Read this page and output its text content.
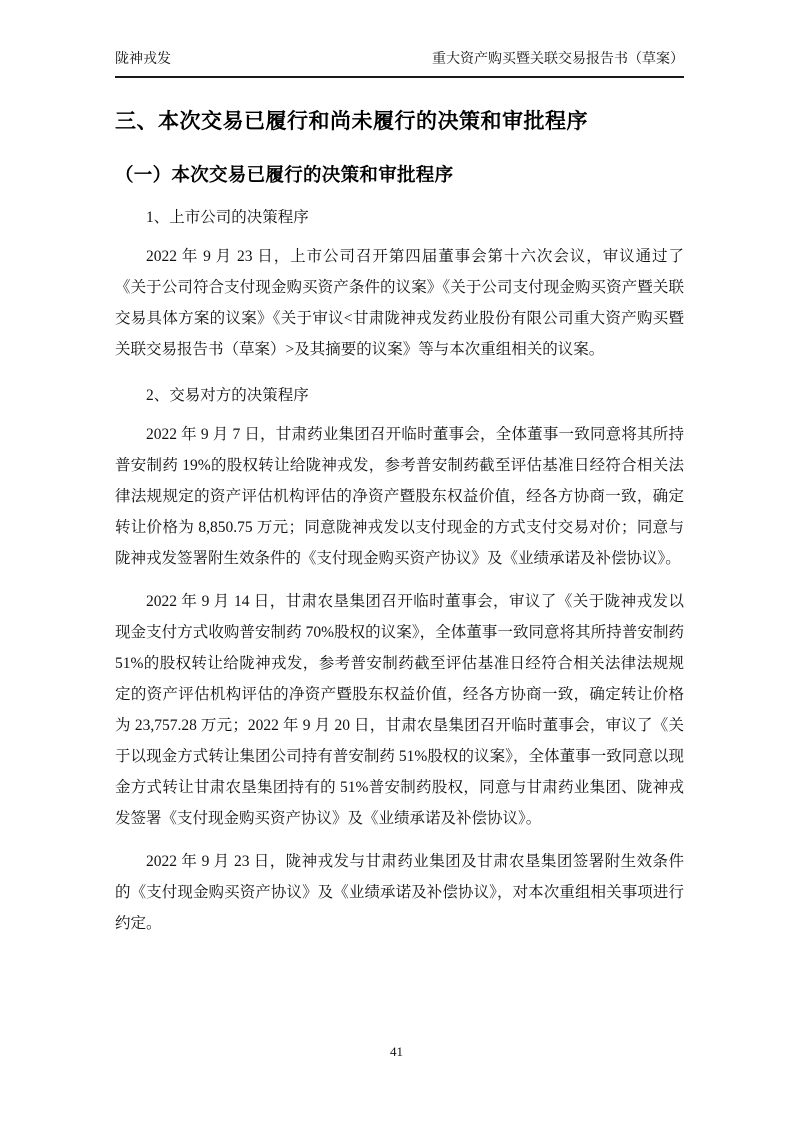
陇神戎发	重大资产购买暨关联交易报告书（草案）
三、本次交易已履行和尚未履行的决策和审批程序
（一）本次交易已履行的决策和审批程序
1、上市公司的决策程序

2022 年 9 月 23 日，上市公司召开第四届董事会第十六次会议，审议通过了《关于公司符合支付现金购买资产条件的议案》《关于公司支付现金购买资产暨关联交易具体方案的议案》《关于审议<甘肃陇神戎发药业股份有限公司重大资产购买暨关联交易报告书（草案）>及其摘要的议案》等与本次重组相关的议案。

2、交易对方的决策程序

2022 年 9 月 7 日，甘肃药业集团召开临时董事会，全体董事一致同意将其所持普安制药 19%的股权转让给陇神戎发，参考普安制药截至评估基准日经符合相关法律法规规定的资产评估机构评估的净资产暨股东权益价值，经各方协商一致，确定转让价格为 8,850.75 万元；同意陇神戎发以支付现金的方式支付交易对价；同意与陇神戎发签署附生效条件的《支付现金购买资产协议》及《业绩承诺及补偿协议》。

2022 年 9 月 14 日，甘肃农垦集团召开临时董事会，审议了《关于陇神戎发以现金支付方式收购普安制药 70%股权的议案》，全体董事一致同意将其所持普安制药 51%的股权转让给陇神戎发，参考普安制药截至评估基准日经符合相关法律法规规定的资产评估机构评估的净资产暨股东权益价值，经各方协商一致，确定转让价格为 23,757.28 万元；2022 年 9 月 20 日，甘肃农垦集团召开临时董事会，审议了《关于以现金方式转让集团公司持有普安制药 51%股权的议案》，全体董事一致同意以现金方式转让甘肃农垦集团持有的 51%普安制药股权，同意与甘肃药业集团、陇神戎发签署《支付现金购买资产协议》及《业绩承诺及补偿协议》。

2022 年 9 月 23 日，陇神戎发与甘肃药业集团及甘肃农垦集团签署附生效条件的《支付现金购买资产协议》及《业绩承诺及补偿协议》，对本次重组相关事项进行约定。

41
